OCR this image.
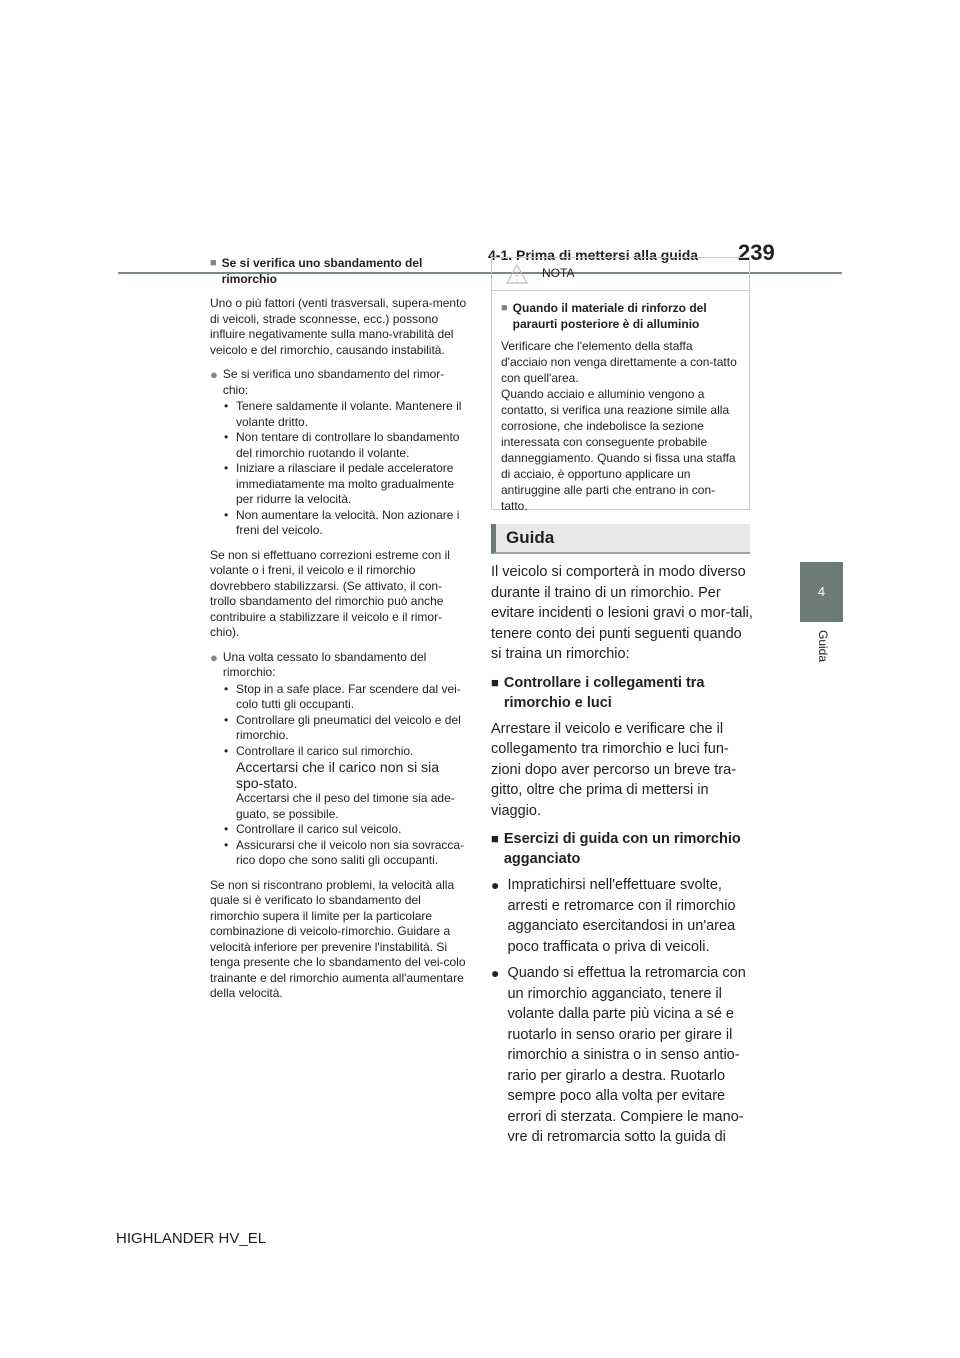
4-1. Prima di mettersi alla guida 239
4
Guida
■ Se si verifica uno sbandamento del rimorchio

Uno o più fattori (venti trasversali, supera-mento di veicoli, strade sconnesse, ecc.) possono influire negativamente sulla mano-vrabilità del veicolo e del rimorchio, causando instabilità.

● Se si verifica uno sbandamento del rimor-chio:
• Tenere saldamente il volante. Mantenere il volante dritto.
• Non tentare di controllare lo sbandamento del rimorchio ruotando il volante.
• Iniziare a rilasciare il pedale acceleratore immediatamente ma molto gradualmente per ridurre la velocità.
• Non aumentare la velocità. Non azionare i freni del veicolo.

Se non si effettuano correzioni estreme con il volante o i freni, il veicolo e il rimorchio dovrebbero stabilizzarsi. (Se attivato, il con-trollo sbandamento del rimorchio può anche contribuire a stabilizzare il veicolo e il rimor-chio).

● Una volta cessato lo sbandamento del rimorchio:
• Stop in a safe place. Far scendere dal vei-colo tutti gli occupanti.
• Controllare gli pneumatici del veicolo e del rimorchio.
• Controllare il carico sul rimorchio.
Accertarsi che il carico non si sia spo-stato.
Accertarsi che il peso del timone sia ade-guato, se possibile.
• Controllare il carico sul veicolo.
• Assicurarsi che il veicolo non sia sovracca-rico dopo che sono saliti gli occupanti.

Se non si riscontrano problemi, la velocità alla quale si è verificato lo sbandamento del rimorchio supera il limite per la particolare combinazione di veicolo-rimorchio. Guidare a velocità inferiore per prevenire l'instabilità. Si tenga presente che lo sbandamento del vei-colo trainante e del rimorchio aumenta all'aumentare della velocità.

NOTA
■ Quando il materiale di rinforzo del paraurti posteriore è di alluminio
Verificare che l'elemento della staffa d'acciaio non venga direttamente a con-tatto con quell'area.
Quando acciaio e alluminio vengono a contatto, si verifica una reazione simile alla corrosione, che indebolisce la sezione interessata con conseguente probabile danneggiamento. Quando si fissa una staffa di acciaio, è opportuno applicare un antiruggine alle parti che entrano in con-tatto.
Guida

Il veicolo si comporterà in modo diverso durante il traino di un rimorchio. Per evitare incidenti o lesioni gravi o mor-tali, tenere conto dei punti seguenti quando si traina un rimorchio:

■ Controllare i collegamenti tra rimorchio e luci

Arrestare il veicolo e verificare che il collegamento tra rimorchio e luci fun-zioni dopo aver percorso un breve tra-gitto, oltre che prima di mettersi in viaggio.

■ Esercizi di guida con un rimorchio agganciato
● Impratichirsi nell'effettuare svolte, arresti e retromarce con il rimorchio agganciato esercitandosi in un'area poco trafficata o priva di veicoli.
● Quando si effettua la retromarcia con un rimorchio agganciato, tenere il volante dalla parte più vicina a sé e ruotarlo in senso orario per girare il rimorchio a sinistra o in senso antio-rario per girarlo a destra. Ruotarlo sempre poco alla volta per evitare errori di sterzata. Compiere le mano-vre di retromarcia sotto la guida di
HIGHLANDER HV_EL
